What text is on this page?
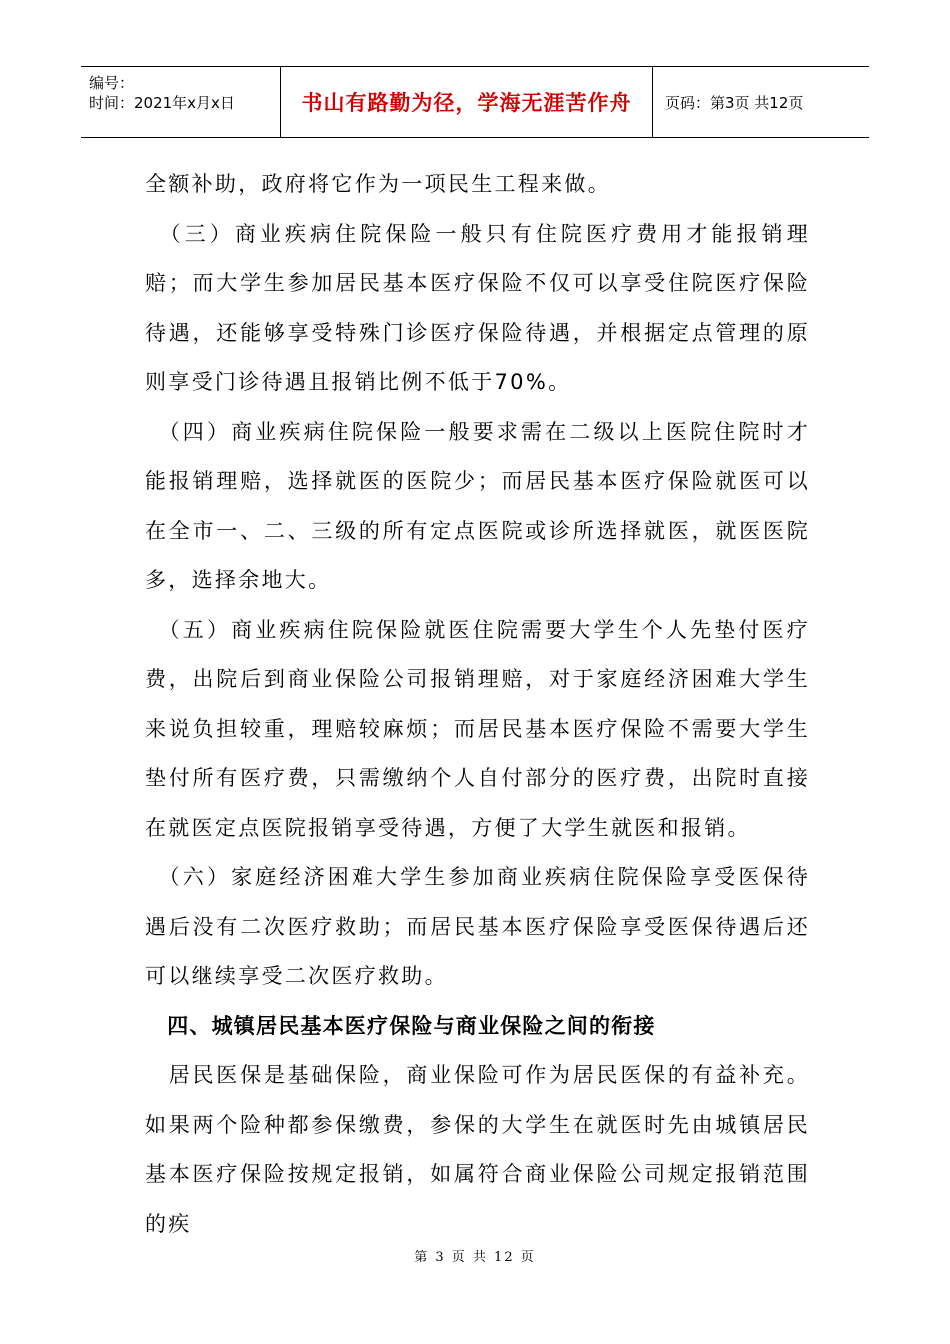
编号：
时间：2021年x月x日	书山有路勤为径，学海无涯苦作舟	页码：第3页 共12页

全额补助，政府将它作为一项民生工程来做。

　（三）商业疾病住院保险一般只有住院医疗费用才能报销理赔；而大学生参加居民基本医疗保险不仅可以享受住院医疗保险待遇，还能够享受特殊门诊医疗保险待遇，并根据定点管理的原则享受门诊待遇且报销比例不低于70%。

　（四）商业疾病住院保险一般要求需在二级以上医院住院时才能报销理赔，选择就医的医院少；而居民基本医疗保险就医可以在全市一、二、三级的所有定点医院或诊所选择就医，就医医院多，选择余地大。

　（五）商业疾病住院保险就医住院需要大学生个人先垫付医疗费，出院后到商业保险公司报销理赔，对于家庭经济困难大学生来说负担较重，理赔较麻烦；而居民基本医疗保险不需要大学生垫付所有医疗费，只需缴纳个人自付部分的医疗费，出院时直接在就医定点医院报销享受待遇，方便了大学生就医和报销。

　（六）家庭经济困难大学生参加商业疾病住院保险享受医保待遇后没有二次医疗救助；而居民基本医疗保险享受医保待遇后还可以继续享受二次医疗救助。

　四、城镇居民基本医疗保险与商业保险之间的衔接

　居民医保是基础保险，商业保险可作为居民医保的有益补充。如果两个险种都参保缴费，参保的大学生在就医时先由城镇居民基本医疗保险按规定报销，如属符合商业保险公司规定报销范围的疾

第 3 页 共 12 页
